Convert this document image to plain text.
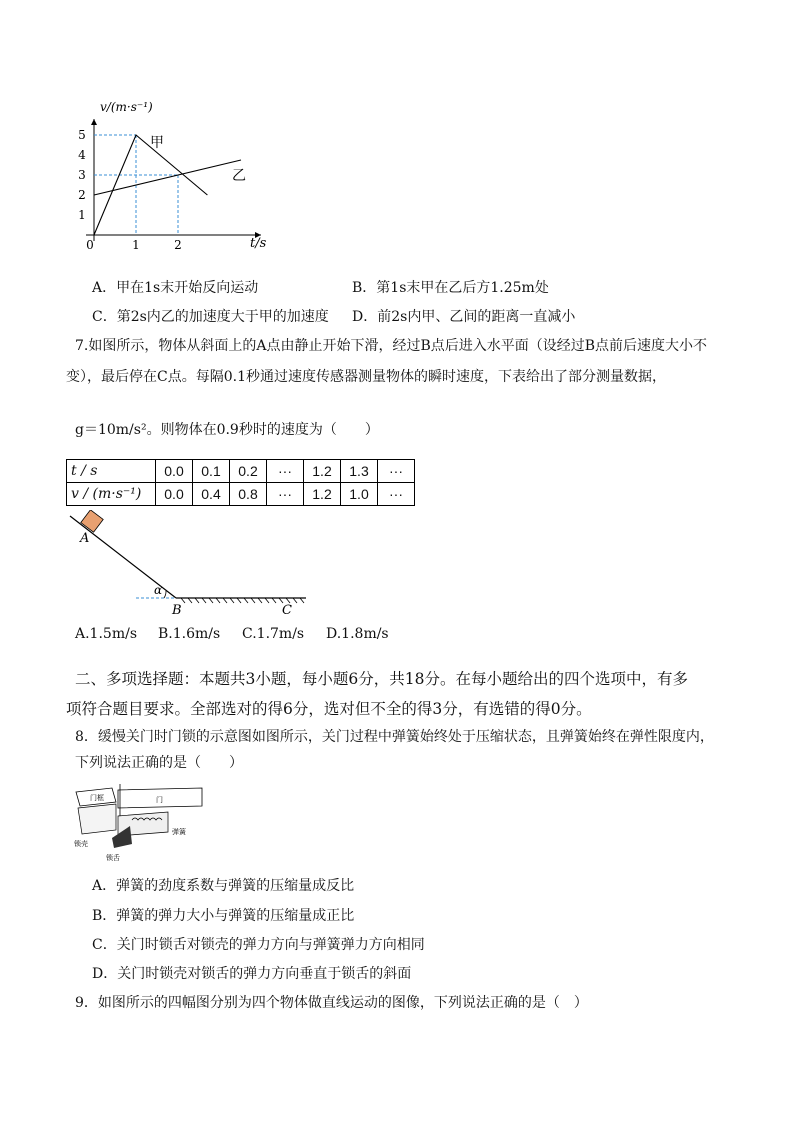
1
2
3
4
5
0	1	2
v/(m·s⁻¹)
t/s
甲
乙
A．甲在1s末开始反向运动	B．第1s末甲在乙后方1.25m处
C．第2s内乙的加速度大于甲的加速度 D．前2s内甲、乙间的距离一直减小
7.如图所示，物体从斜面上的A点由静止开始下滑，经过B点后进入水平面（设经过B点前后速度大小不
变），最后停在C点。每隔0.1秒通过速度传感器测量物体的瞬时速度，下表给出了部分测量数据，
g＝10m/s²。则物体在0.9秒时的速度为（　　）
t / s	0.0	0.1	0.2	···	1.2	1.3	···
v / (m·s⁻¹)	0.0	0.4	0.8	···	1.2	1.0	···
A
α
B	C
A.1.5m/s B.1.6m/s C.1.7m/s D.1.8m/s
二、多项选择题：本题共3小题，每小题6分，共18分。在每小题给出的四个选项中，有多
项符合题目要求。全部选对的得6分，选对但不全的得3分，有选错的得0分。
8．缓慢关门时门锁的示意图如图所示，关门过程中弹簧始终处于压缩状态，且弹簧始终在弹性限度内，
下列说法正确的是（　　）
门框	门
弹簧
锁壳
锁舌
A．弹簧的劲度系数与弹簧的压缩量成反比
B．弹簧的弹力大小与弹簧的压缩量成正比
C．关门时锁舌对锁壳的弹力方向与弹簧弹力方向相同
D．关门时锁壳对锁舌的弹力方向垂直于锁舌的斜面
9．如图所示的四幅图分别为四个物体做直线运动的图像，下列说法正确的是（　）
